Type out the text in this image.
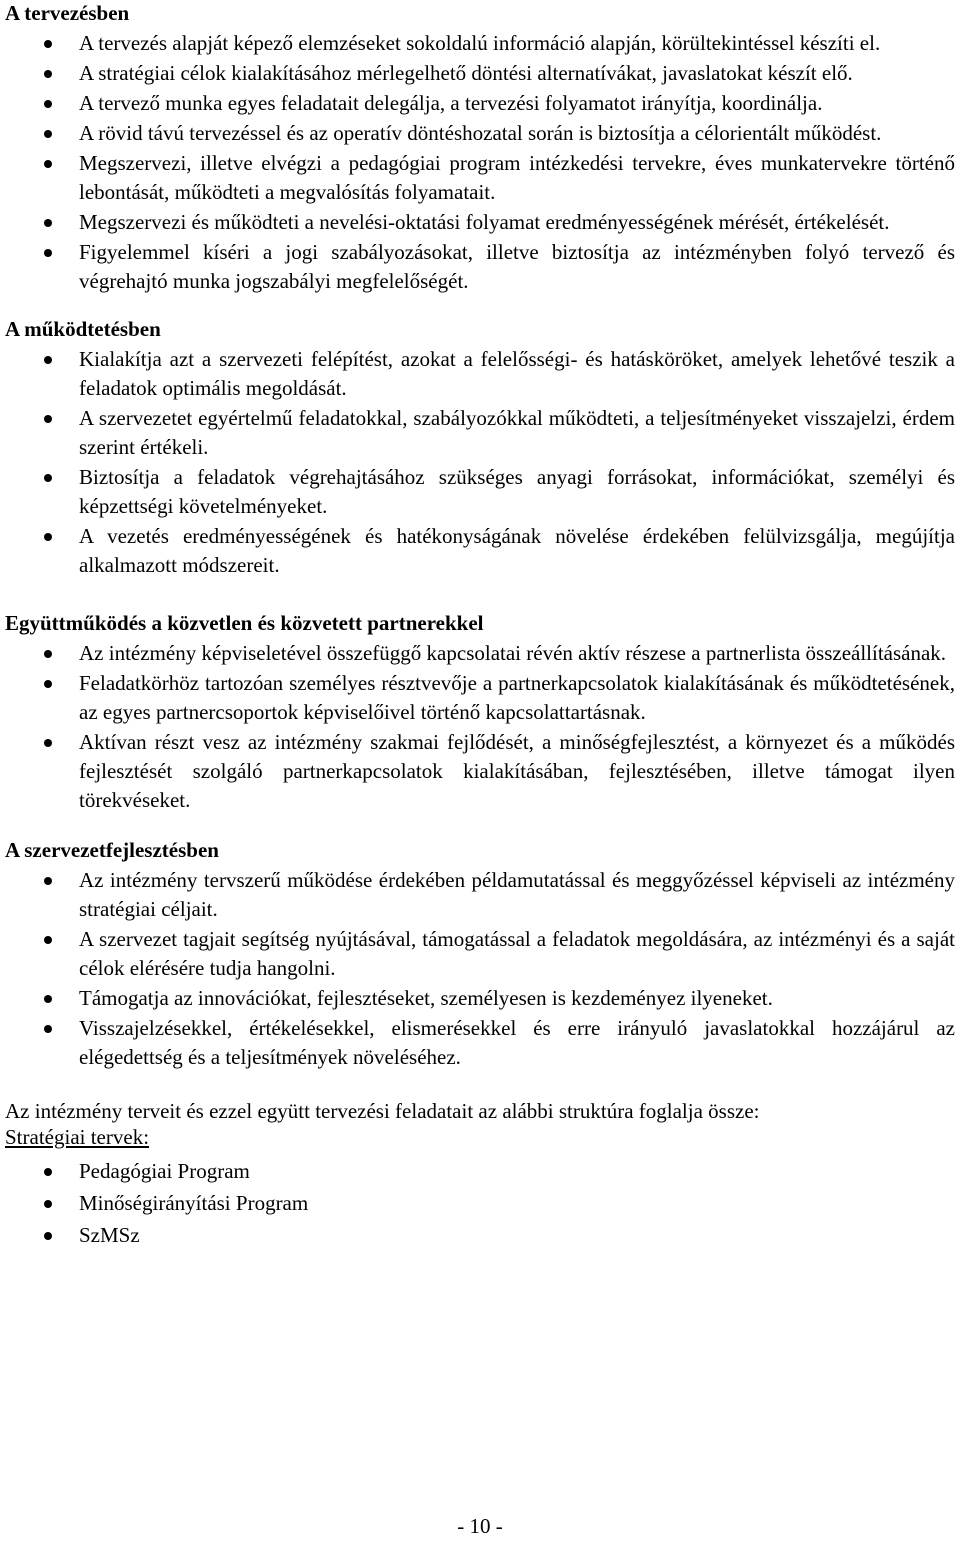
A tervezésben
A tervezés alapját képező elemzéseket sokoldalú információ alapján, körültekintéssel készíti el.
A stratégiai célok kialakításához mérlegelhető döntési alternatívákat, javaslatokat készít elő.
A tervező munka egyes feladatait delegálja, a tervezési folyamatot irányítja, koordinálja.
A rövid távú tervezéssel és az operatív döntéshozatal során is biztosítja a célorientált működést.
Megszervezi, illetve elvégzi a pedagógiai program intézkedési tervekre, éves munkatervekre történő lebontását, működteti a megvalósítás folyamatait.
Megszervezi és működteti a nevelési-oktatási folyamat eredményességének mérését, értékelését.
Figyelemmel kíséri a jogi szabályozásokat, illetve biztosítja az intézményben folyó tervező és végrehajtó munka jogszabályi megfelelőségét.
A működtetésben
Kialakítja azt a szervezeti felépítést, azokat a felelősségi- és hatásköröket, amelyek lehetővé teszik a feladatok optimális megoldását.
A szervezetet egyértelmű feladatokkal, szabályozókkal működteti, a teljesítményeket visszajelzi, érdem szerint értékeli.
Biztosítja a feladatok végrehajtásához szükséges anyagi forrásokat, információkat, személyi és képzettségi követelményeket.
A vezetés eredményességének és hatékonyságának növelése érdekében felülvizsgálja, megújítja alkalmazott módszereit.
Együttműködés a közvetlen és közvetett partnerekkel
Az intézmény képviseletével összefüggő kapcsolatai révén aktív részese a partnerlista összeállításának.
Feladatkörhöz tartozóan személyes résztvevője a partnerkapcsolatok kialakításának és működtetésének, az egyes partnercsoportok képviselőivel történő kapcsolattartásnak.
Aktívan részt vesz az intézmény szakmai fejlődését, a minőségfejlesztést, a környezet és a működés fejlesztését szolgáló partnerkapcsolatok kialakításában, fejlesztésében, illetve támogat ilyen törekvéseket.
A szervezetfejlesztésben
Az intézmény tervszerű működése érdekében példamutatással és meggyőzéssel képviseli az intézmény stratégiai céljait.
A szervezet tagjait segítség nyújtásával, támogatással a feladatok megoldására, az intézményi és a saját célok elérésére tudja hangolni.
Támogatja az innovációkat, fejlesztéseket, személyesen is kezdeményez ilyeneket.
Visszajelzésekkel, értékelésekkel, elismerésekkel és erre irányuló javaslatokkal hozzájárul az elégedettség és a teljesítmények növeléséhez.

Az intézmény terveit és ezzel együtt tervezési feladatait az alábbi struktúra foglalja össze:

Stratégiai tervek:

Pedagógiai Program
Minőségirányítási Program
SzMSz
- 10 -
